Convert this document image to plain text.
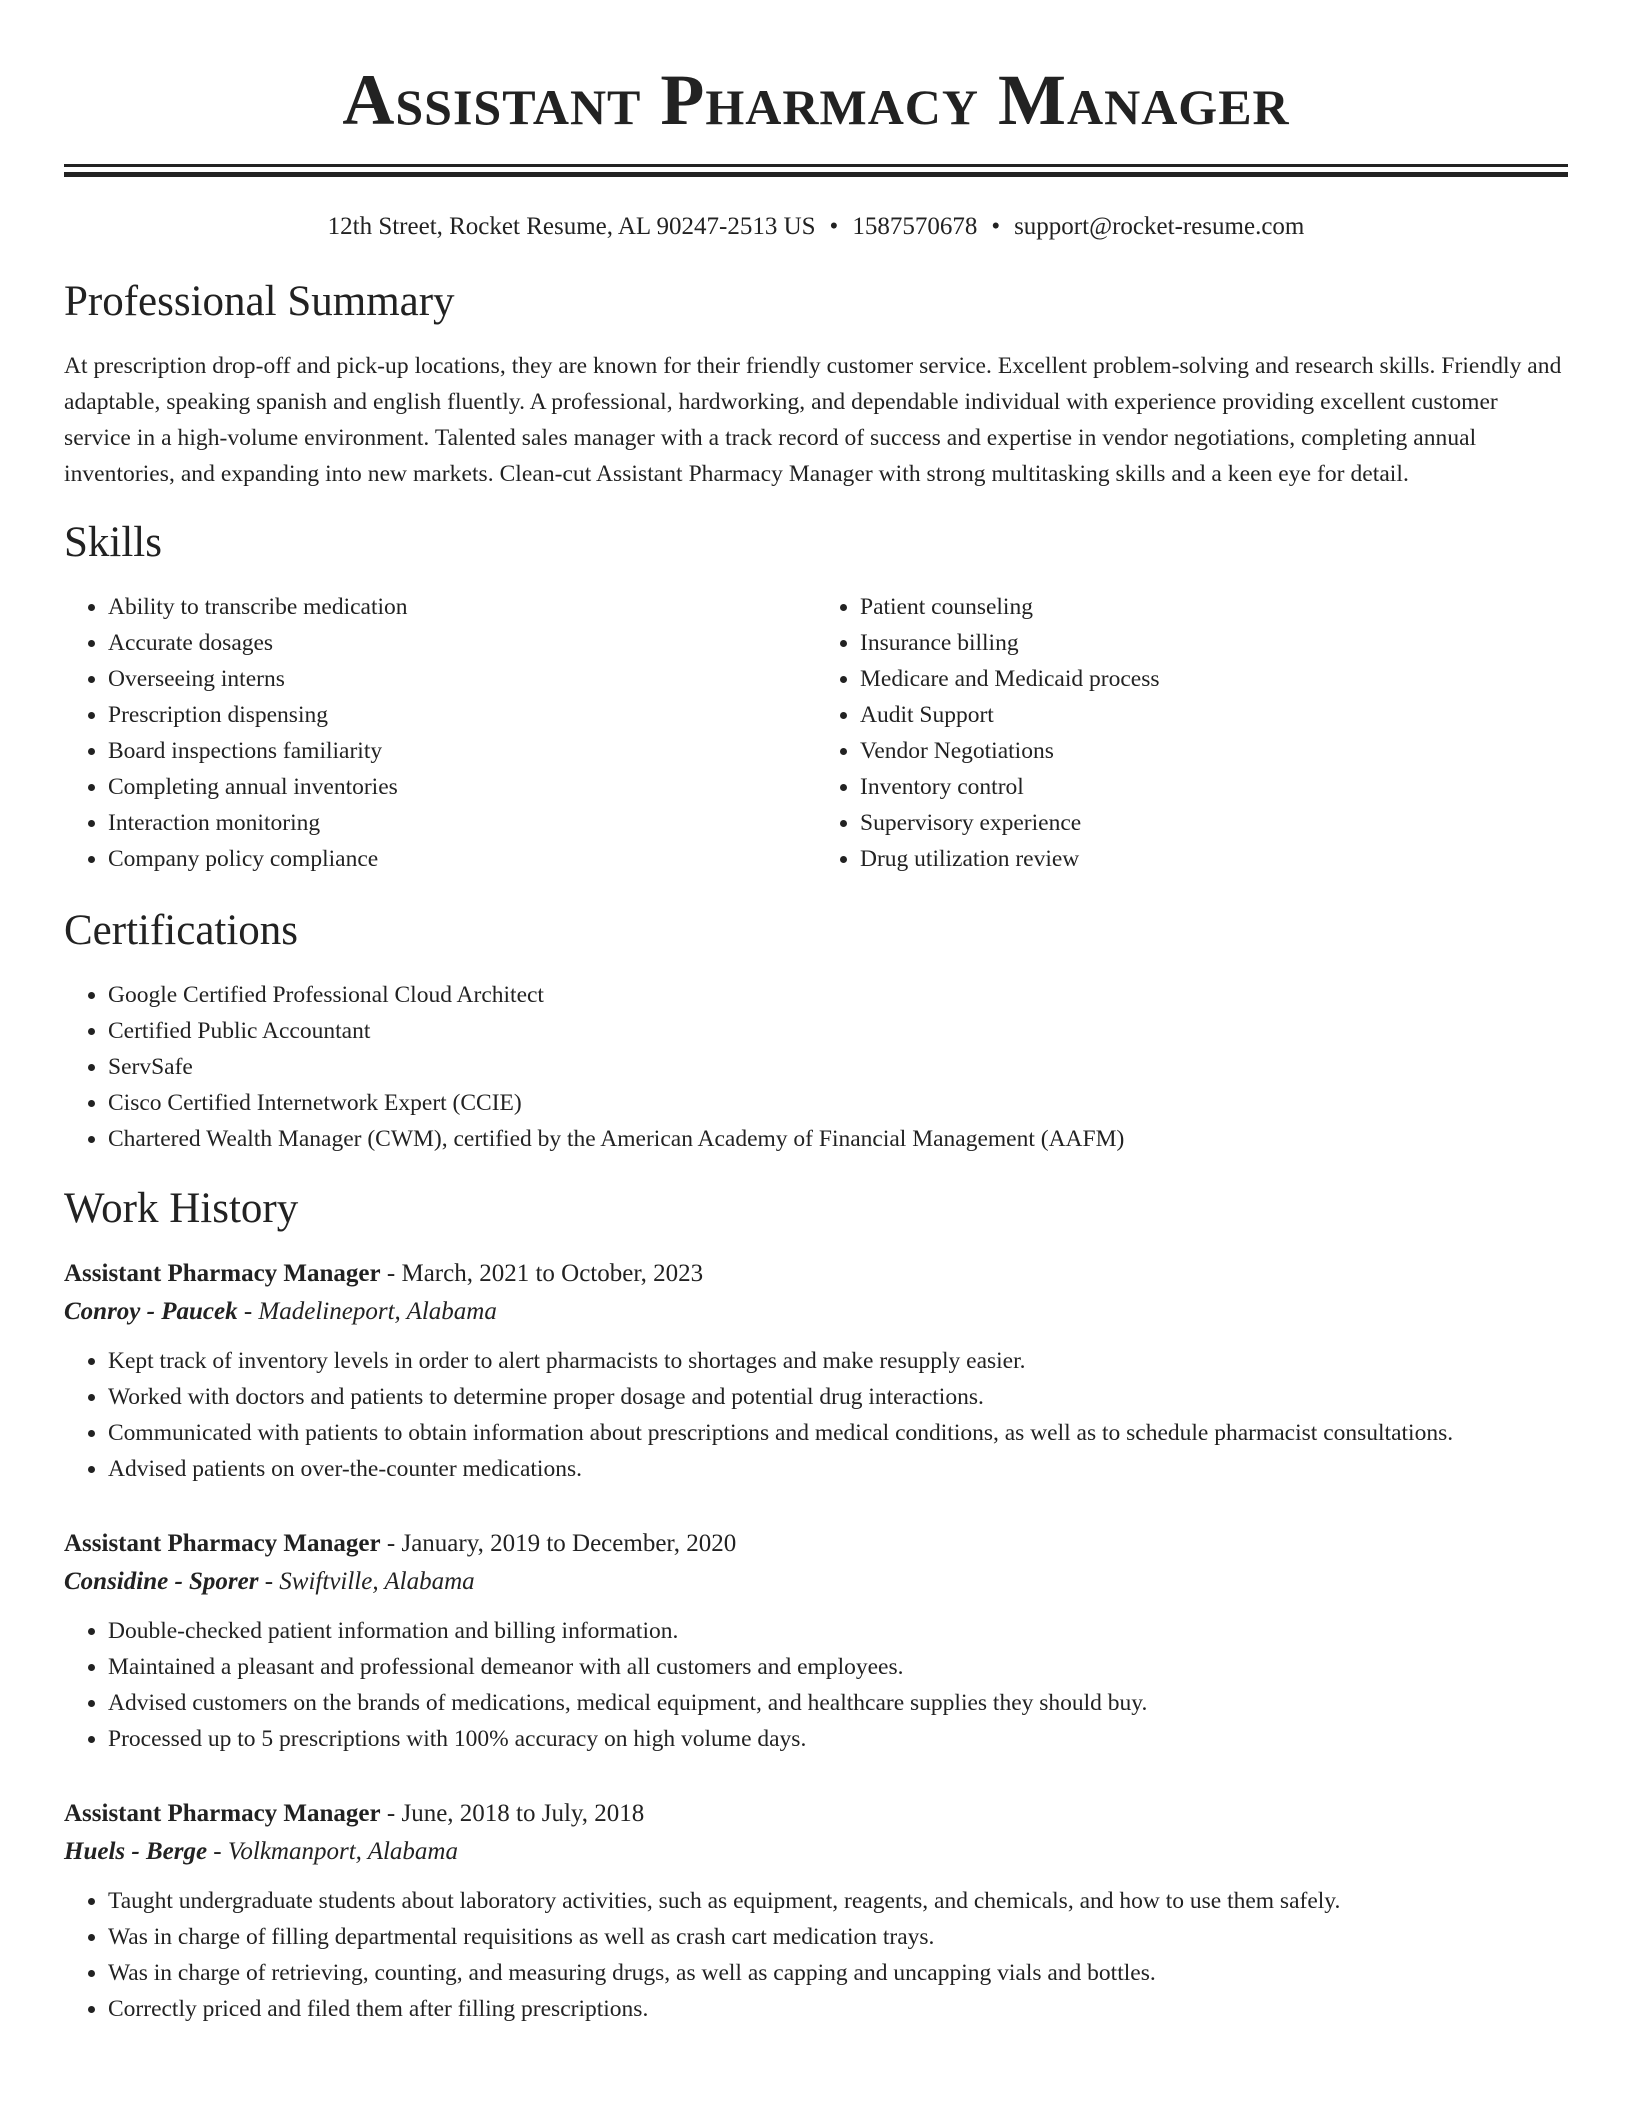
Assistant Pharmacy Manager
12th Street, Rocket Resume, AL 90247-2513 US • 1587570678 • support@rocket-resume.com
Professional Summary

At prescription drop-off and pick-up locations, they are known for their friendly customer service. Excellent problem-solving and research skills. Friendly and adaptable, speaking spanish and english fluently. A professional, hardworking, and dependable individual with experience providing excellent customer service in a high-volume environment. Talented sales manager with a track record of success and expertise in vendor negotiations, completing annual inventories, and expanding into new markets. Clean-cut Assistant Pharmacy Manager with strong multitasking skills and a keen eye for detail.

Skills
• Ability to transcribe medication
• Accurate dosages
• Overseeing interns
• Prescription dispensing
• Board inspections familiarity
• Completing annual inventories
• Interaction monitoring
• Company policy compliance
• Patient counseling
• Insurance billing
• Medicare and Medicaid process
• Audit Support
• Vendor Negotiations
• Inventory control
• Supervisory experience
• Drug utilization review
Certifications
• Google Certified Professional Cloud Architect
• Certified Public Accountant
• ServSafe
• Cisco Certified Internetwork Expert (CCIE)
• Chartered Wealth Manager (CWM), certified by the American Academy of Financial Management (AAFM)
Work History
Assistant Pharmacy Manager - March, 2021 to October, 2023
Conroy - Paucek - Madelineport, Alabama
• Kept track of inventory levels in order to alert pharmacists to shortages and make resupply easier.
• Worked with doctors and patients to determine proper dosage and potential drug interactions.
• Communicated with patients to obtain information about prescriptions and medical conditions, as well as to schedule pharmacist consultations.
• Advised patients on over-the-counter medications.
Assistant Pharmacy Manager - January, 2019 to December, 2020
Considine - Sporer - Swiftville, Alabama
• Double-checked patient information and billing information.
• Maintained a pleasant and professional demeanor with all customers and employees.
• Advised customers on the brands of medications, medical equipment, and healthcare supplies they should buy.
• Processed up to 5 prescriptions with 100% accuracy on high volume days.
Assistant Pharmacy Manager - June, 2018 to July, 2018
Huels - Berge - Volkmanport, Alabama
• Taught undergraduate students about laboratory activities, such as equipment, reagents, and chemicals, and how to use them safely.
• Was in charge of filling departmental requisitions as well as crash cart medication trays.
• Was in charge of retrieving, counting, and measuring drugs, as well as capping and uncapping vials and bottles.
• Correctly priced and filed them after filling prescriptions.
